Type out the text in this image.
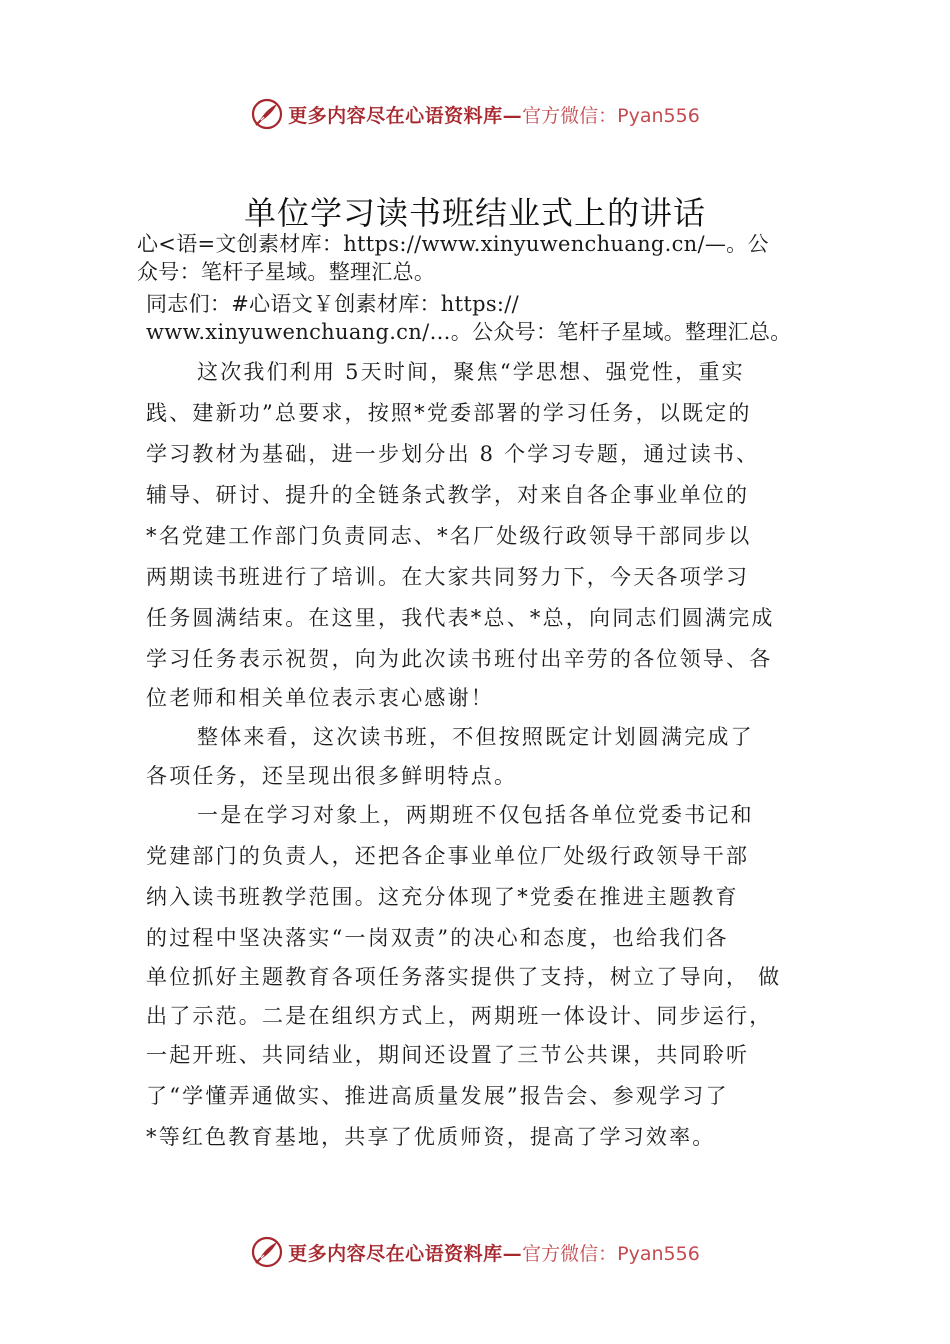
更多内容尽在心语资料库— 官方微信：Pyan556
单位学习读书班结业式上的讲话
心<语=文创素材库：https://www.xinyuwenchuang.cn/—。公
众号：笔杆子星域。整理汇总。
同志们：#心语文￥创素材库：https://
www.xinyuwenchuang.cn/…。公众号：笔杆子星域。整理汇总。
这次我们利用 5天时间，聚焦“学思想、强党性，重实
践、建新功”总要求，按照*党委部署的学习任务，以既定的
学习教材为基础，进一步划分出 8 个学习专题，通过读书、
辅导、研讨、提升的全链条式教学，对来自各企事业单位的
*名党建工作部门负责同志、*名厂处级行政领导干部同步以
两期读书班进行了培训。在大家共同努力下，今天各项学习
任务圆满结束。在这里，我代表*总、*总，向同志们圆满完成
学习任务表示祝贺，向为此次读书班付出辛劳的各位领导、各
位老师和相关单位表示衷心感谢！
整体来看，这次读书班，不但按照既定计划圆满完成了
各项任务，还呈现出很多鲜明特点。
一是在学习对象上，两期班不仅包括各单位党委书记和
党建部门的负责人，还把各企事业单位厂处级行政领导干部
纳入读书班教学范围。这充分体现了*党委在推进主题教育
的过程中坚决落实“一岗双责”的决心和态度，也给我们各
单位抓好主题教育各项任务落实提供了支持，树立了导向， 做
出了示范。二是在组织方式上，两期班一体设计、同步运行，
一起开班、共同结业，期间还设置了三节公共课，共同聆听
了“学懂弄通做实、推进高质量发展”报告会、参观学习了
*等红色教育基地，共享了优质师资，提高了学习效率。
更多内容尽在心语资料库— 官方微信：Pyan556
